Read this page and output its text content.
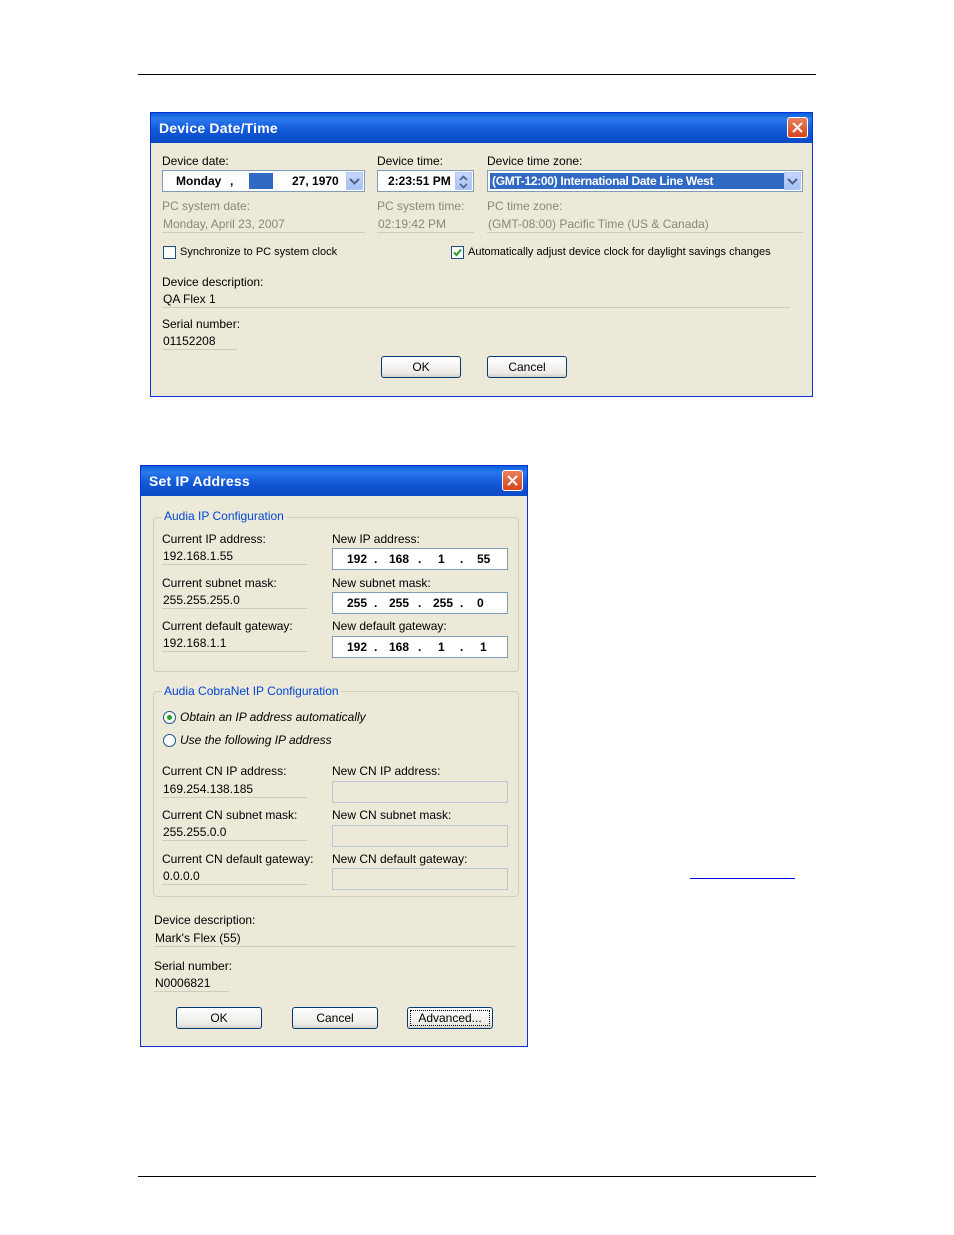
Device Date/Time
Device date:
Monday ,	27, 1970
Device time:
2:23:51 PM
Device time zone:
(GMT-12:00) International Date Line West
PC system date:
Monday, April 23, 2007
PC system time:
02:19:42 PM
PC time zone:
(GMT-08:00) Pacific Time (US & Canada)
Synchronize to PC system clock	Automatically adjust device clock for daylight savings changes
Device description:
QA Flex 1
Serial number:
01152208
OK	Cancel
Set IP Address
Audia IP Configuration
Current IP address:
192.168.1.55
New IP address:
192 . 168 . 1 . 55
Current subnet mask:
255.255.255.0
New subnet mask:
255 . 255 . 255 . 0
Current default gateway:
192.168.1.1
New default gateway:
192 . 168 . 1 . 1
Audia CobraNet IP Configuration
Obtain an IP address automatically
Use the following IP address
Current CN IP address:
169.254.138.185
New CN IP address:
Current CN subnet mask:
255.255.0.0
New CN subnet mask:
Current CN default gateway:
0.0.0.0
New CN default gateway:
Device description:
Mark's Flex (55)
Serial number:
N0006821
OK	Cancel	Advanced...
